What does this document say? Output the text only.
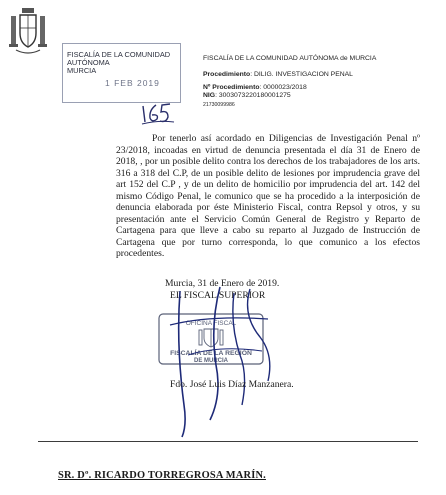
FISCALÍA DE LA COMUNIDAD
AUTÓNOMA
MURCIA
1 FEB 2019
FISCALÍA DE LA COMUNIDAD AUTÓNOMA de MURCIA
Procedimiento: DILIG. INVESTIGACION PENAL
Nº Procedimiento: 0000023/2018
NIG: 3003073220180001275
21730099986
Por tenerlo así acordado en Diligencias de Investigación Penal nº 23/2018, incoadas en virtud de denuncia presentada el día 31 de Enero de 2018, , por un posible delito contra los derechos de los trabajadores de los arts. 316 a 318 del C.P, de un posible delito de lesiones por imprudencia grave del art 152 del C.P , y de un delito de homicilio por imprudencia del art. 142 del mismo Código Penal, le comunico que se ha procedido a la interposición de denuncia elaborada por éste Ministerio Fiscal, contra Repsol y otros, y su presentación ante el Servicio Común General de Registro y Reparto de Cartagena para que lleve a cabo su reparto al Juzgado de Instrucción de Cartagena que por turno corresponda, lo que comunico a los efectos procedentes.
Murcia, 31 de Enero de 2019.
EL FISCAL SUPERIOR
OFICINA FISCAL
FISCALÍA DE LA REGIÓN
DE MURCIA
Fdo. José Luis Díaz Manzanera.
SR. Dº. RICARDO TORREGROSA MARÍN.
